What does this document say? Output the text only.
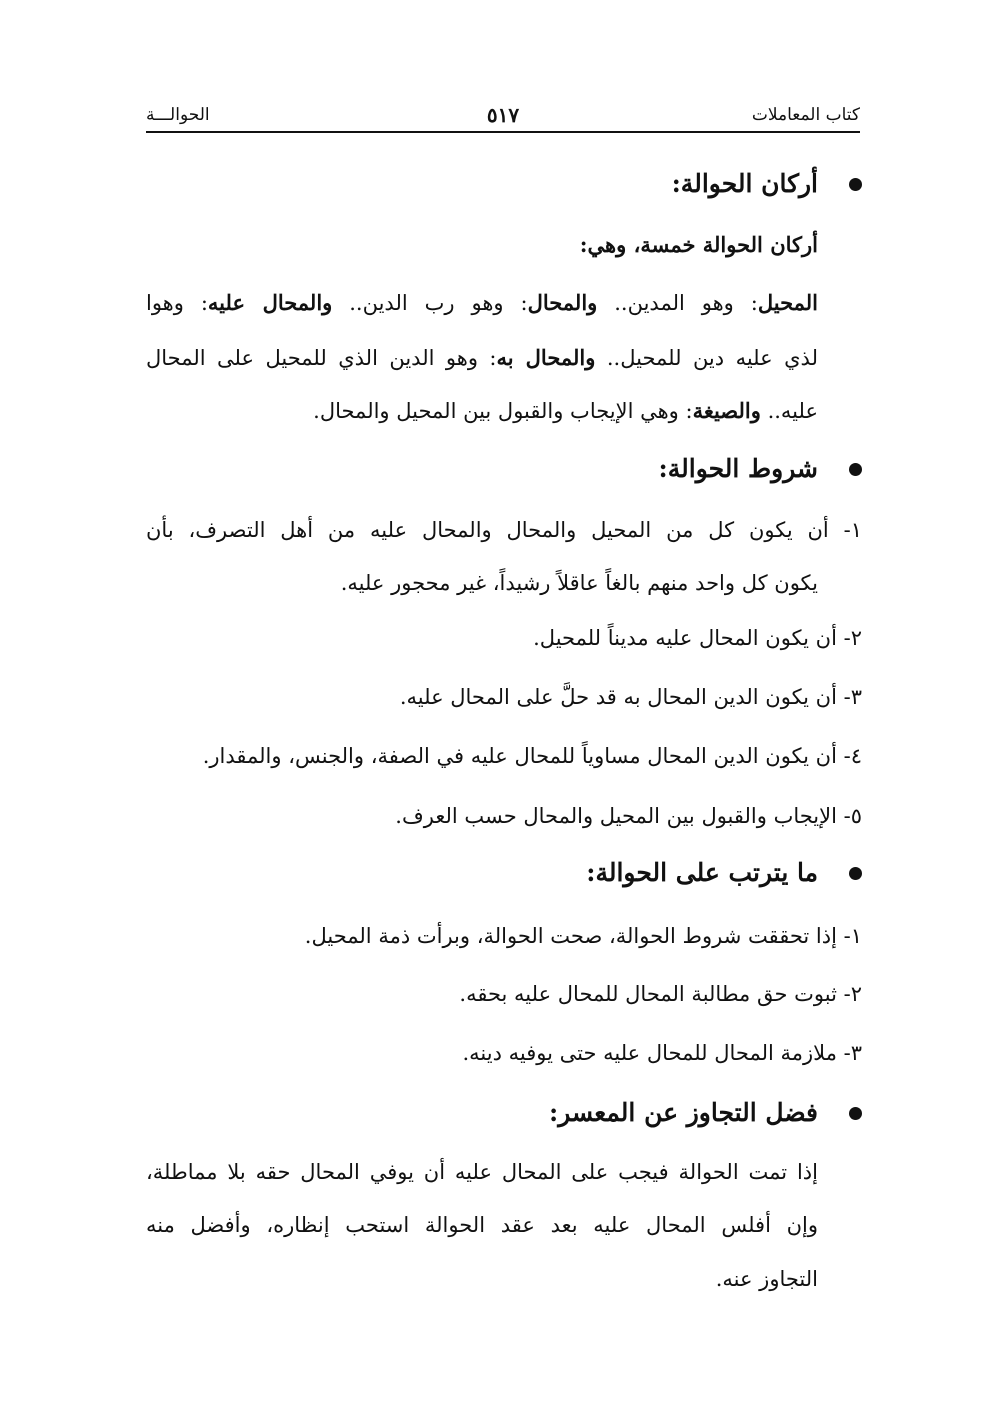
كتاب المعاملات
٥١٧
الحوالـــة
أركان الحوالة:
أركان الحوالة خمسة، وهي:
المحيل: وهو المدين.. والمحال: وهو رب الدين.. والمحال عليه: وهوا
لذي عليه دين للمحيل.. والمحال به: وهو الدين الذي للمحيل على المحال
عليه.. والصيغة: وهي الإيجاب والقبول بين المحيل والمحال.
شروط الحوالة:
١- أن يكون كل من المحيل والمحال والمحال عليه من أهل التصرف، بأن
يكون كل واحد منهم بالغاً عاقلاً رشيداً، غير محجور عليه.
٢- أن يكون المحال عليه مديناً للمحيل.
٣- أن يكون الدين المحال به قد حلَّ على المحال عليه.
٤- أن يكون الدين المحال مساوياً للمحال عليه في الصفة، والجنس، والمقدار.
٥- الإيجاب والقبول بين المحيل والمحال حسب العرف.
ما يترتب على الحوالة:
١- إذا تحققت شروط الحوالة، صحت الحوالة، وبرأت ذمة المحيل.
٢- ثبوت حق مطالبة المحال للمحال عليه بحقه.
٣- ملازمة المحال للمحال عليه حتى يوفيه دينه.
فضل التجاوز عن المعسر:
إذا تمت الحوالة فيجب على المحال عليه أن يوفي المحال حقه بلا مماطلة،
وإن أفلس المحال عليه بعد عقد الحوالة استحب إنظاره، وأفضل منه
التجاوز عنه.
